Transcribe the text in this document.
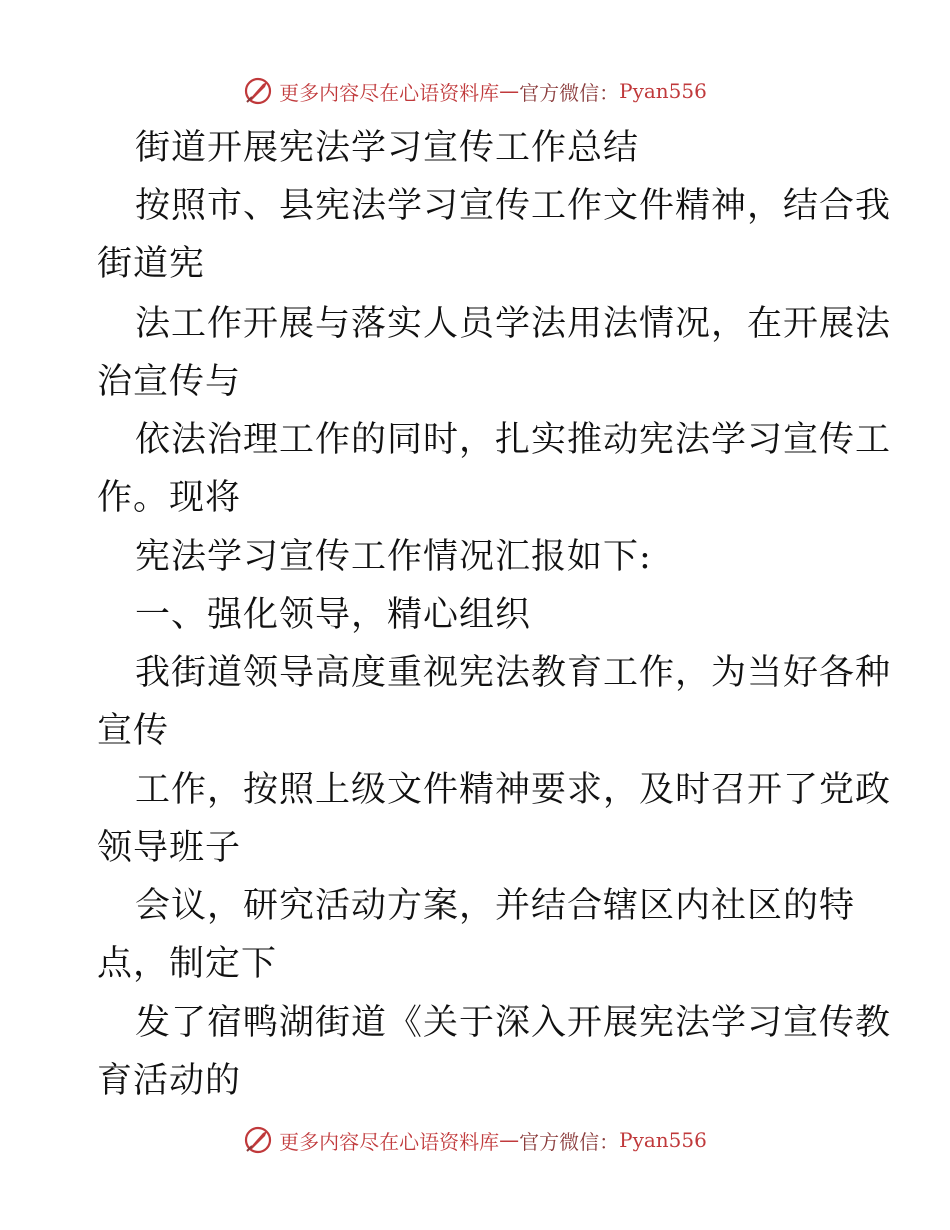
更多内容尽在心语资料库 — 官方微信： Pyan556
街道开展宪法学习宣传工作总结
按照市、县宪法学习宣传工作文件精神，结合我
街道宪
法工作开展与落实人员学法用法情况，在开展法
治宣传与
依法治理工作的同时，扎实推动宪法学习宣传工
作。现将
宪法学习宣传工作情况汇报如下:
一、强化领导，精心组织
我街道领导高度重视宪法教育工作，为当好各种
宣传
工作，按照上级文件精神要求，及时召开了党政
领导班子
会议，研究活动方案，并结合辖区内社区的特
点，制定下
发了宿鸭湖街道《关于深入开展宪法学习宣传教
育活动的
更多内容尽在心语资料库 — 官方微信： Pyan556
